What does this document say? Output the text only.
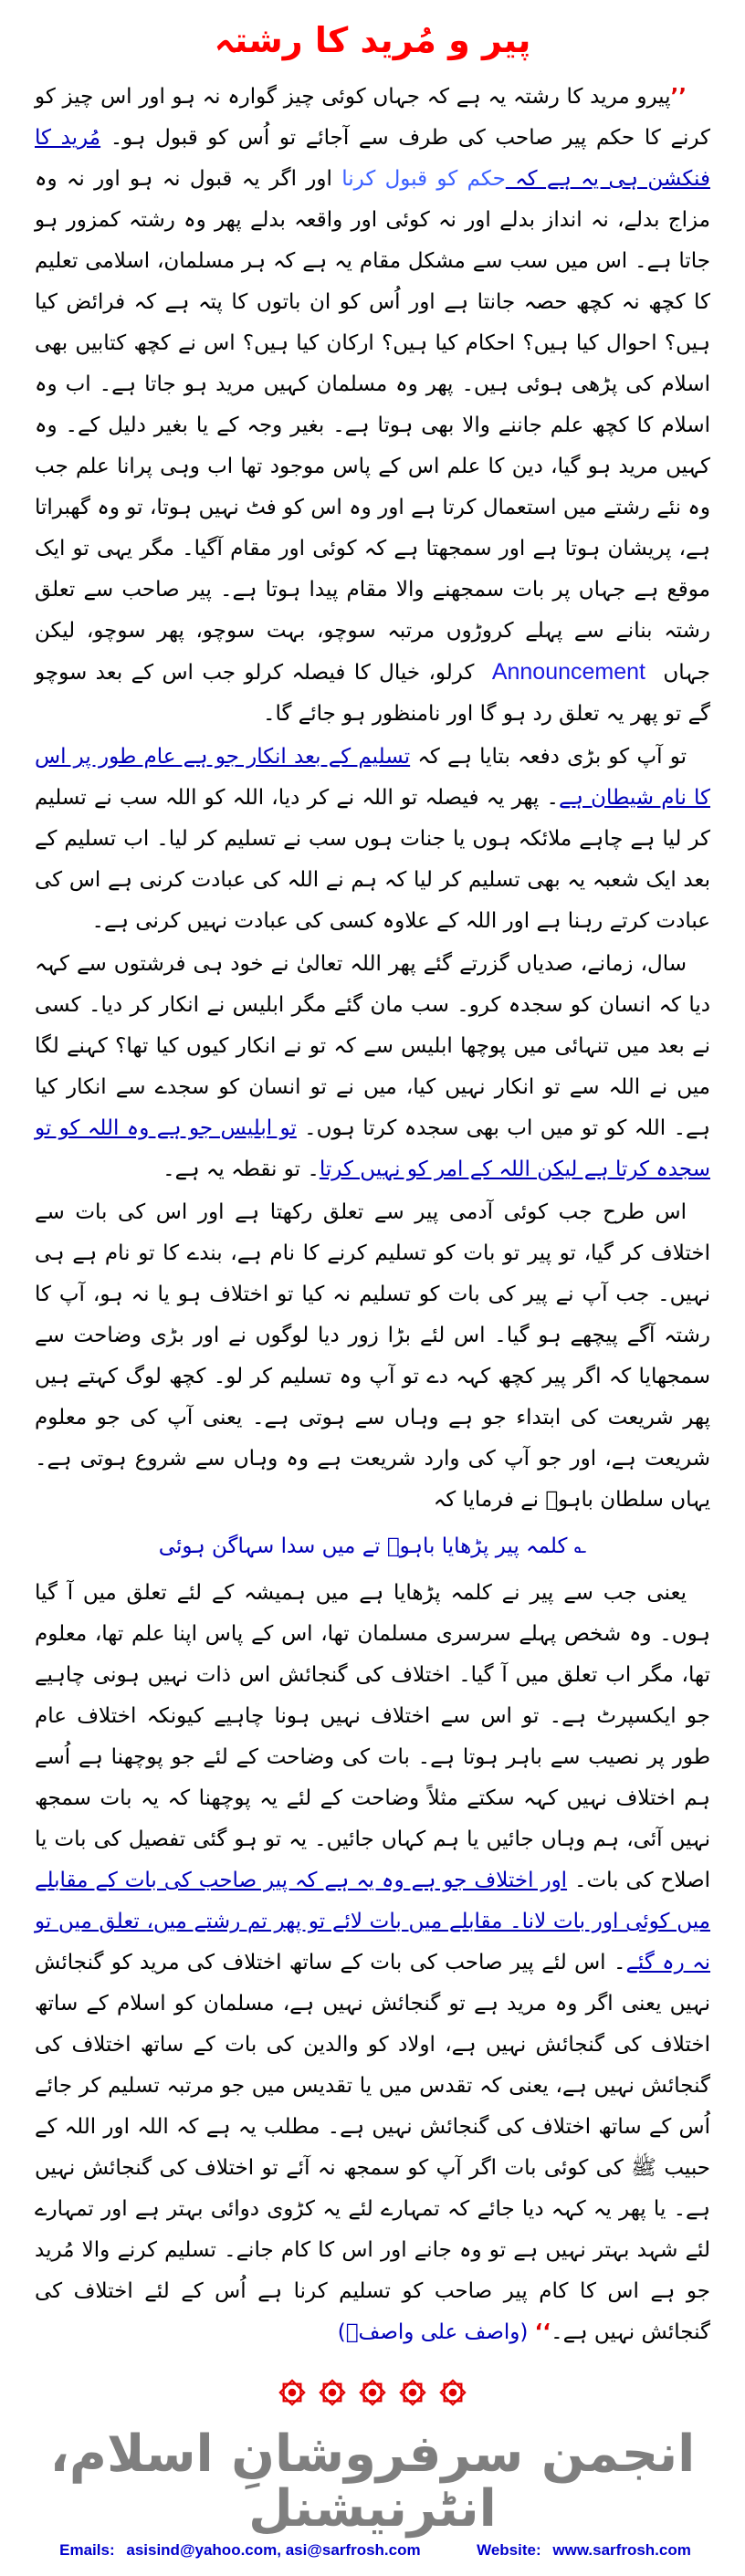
پیر و مُرید کا رشتہ

’’پیرو مرید کا رشتہ یہ ہے کہ جہاں کوئی چیز گوارہ نہ ہو اور اس چیز کو کرنے کا حکم پیر صاحب کی طرف سے آجائے تو اُس کو قبول ہو۔ مُرید کا فنکشن ہی یہ ہے کہ حکم کو قبول کرنا اور اگر یہ قبول نہ ہو اور نہ وہ مزاج بدلے، نہ انداز بدلے اور نہ کوئی اور واقعہ بدلے پھر وہ رشتہ کمزور ہو جاتا ہے۔ اس میں سب سے مشکل مقام یہ ہے کہ ہر مسلمان، اسلامی تعلیم کا کچھ نہ کچھ حصہ جانتا ہے اور اُس کو ان باتوں کا پتہ ہے کہ فرائض کیا ہیں؟ احوال کیا ہیں؟ احکام کیا ہیں؟ ارکان کیا ہیں؟ اس نے کچھ کتابیں بھی اسلام کی پڑھی ہوئی ہیں۔ پھر وہ مسلمان کہیں مرید ہو جاتا ہے۔ اب وہ اسلام کا کچھ علم جاننے والا بھی ہوتا ہے۔ بغیر وجہ کے یا بغیر دلیل کے۔ وہ کہیں مرید ہو گیا، دین کا علم اس کے پاس موجود تھا اب وہی پرانا علم جب وہ نئے رشتے میں استعمال کرتا ہے اور وہ اس کو فٹ نہیں ہوتا، تو وہ گھبراتا ہے، پریشان ہوتا ہے اور سمجھتا ہے کہ کوئی اور مقام آگیا۔ مگر یہی تو ایک موقع ہے جہاں پر بات سمجھنے والا مقام پیدا ہوتا ہے۔ پیر صاحب سے تعلق رشتہ بنانے سے پہلے کروڑوں مرتبہ سوچو، بہت سوچو، پھر سوچو، لیکن جہاں Announcement کرلو، خیال کا فیصلہ کرلو جب اس کے بعد سوچو گے تو پھر یہ تعلق رد ہو گا اور نامنظور ہو جائے گا۔

تو آپ کو بڑی دفعہ بتایا ہے کہ تسلیم کے بعد انکار جو ہے عام طور پر اس کا نام شیطان ہے۔ پھر یہ فیصلہ تو اللہ نے کر دیا، اللہ کو اللہ سب نے تسلیم کر لیا ہے چاہے ملائکہ ہوں یا جنات ہوں سب نے تسلیم کر لیا۔ اب تسلیم کے بعد ایک شعبہ یہ بھی تسلیم کر لیا کہ ہم نے اللہ کی عبادت کرنی ہے اس کی عبادت کرتے رہنا ہے اور اللہ کے علاوہ کسی کی عبادت نہیں کرنی ہے۔

سال، زمانے، صدیاں گزرتے گئے پھر اللہ تعالیٰ نے خود ہی فرشتوں سے کہہ دیا کہ انسان کو سجدہ کرو۔ سب مان گئے مگر ابلیس نے انکار کر دیا۔ کسی نے بعد میں تنہائی میں پوچھا ابلیس سے کہ تو نے انکار کیوں کیا تھا؟ کہنے لگا میں نے اللہ سے تو انکار نہیں کیا، میں نے تو انسان کو سجدے سے انکار کیا ہے۔ اللہ کو تو میں اب بھی سجدہ کرتا ہوں۔ تو ابلیس جو ہے وہ اللہ کو تو سجدہ کرتا ہے لیکن اللہ کے امر کو نہیں کرتا۔ تو نقطہ یہ ہے۔

اس طرح جب کوئی آدمی پیر سے تعلق رکھتا ہے اور اس کی بات سے اختلاف کر گیا، تو پیر تو بات کو تسلیم کرنے کا نام ہے، بندے کا تو نام ہے ہی نہیں۔ جب آپ نے پیر کی بات کو تسلیم نہ کیا تو اختلاف ہو یا نہ ہو، آپ کا رشتہ آگے پیچھے ہو گیا۔ اس لئے بڑا زور دیا لوگوں نے اور بڑی وضاحت سے سمجھایا کہ اگر پیر کچھ کہہ دے تو آپ وہ تسلیم کر لو۔ کچھ لوگ کہتے ہیں پھر شریعت کی ابتداء جو ہے وہاں سے ہوتی ہے۔ یعنی آپ کی جو معلوم شریعت ہے، اور جو آپ کی وارد شریعت ہے وہ وہاں سے شروع ہوتی ہے۔ یہاں سلطان باہوؒ نے فرمایا کہ

؎ کلمہ پیر پڑھایا باہوؒ تے میں سدا سہاگن ہوئی

یعنی جب سے پیر نے کلمہ پڑھایا ہے میں ہمیشہ کے لئے تعلق میں آ گیا ہوں۔ وہ شخص پہلے سرسری مسلمان تھا، اس کے پاس اپنا علم تھا، معلوم تھا، مگر اب تعلق میں آ گیا۔ اختلاف کی گنجائش اس ذات نہیں ہونی چاہیے جو ایکسپرٹ ہے۔ تو اس سے اختلاف نہیں ہونا چاہیے کیونکہ اختلاف عام طور پر نصیب سے باہر ہوتا ہے۔ بات کی وضاحت کے لئے جو پوچھنا ہے اُسے ہم اختلاف نہیں کہہ سکتے مثلاً وضاحت کے لئے یہ پوچھنا کہ یہ بات سمجھ نہیں آئی، ہم وہاں جائیں یا ہم کہاں جائیں۔ یہ تو ہو گئی تفصیل کی بات یا اصلاح کی بات۔ اور اختلاف جو ہے وہ یہ ہے کہ پیر صاحب کی بات کے مقابلے میں کوئی اور بات لانا۔ مقابلے میں بات لائے تو پھر تم رشتے میں، تعلق میں تو نہ رہ گئے۔ اس لئے پیر صاحب کی بات کے ساتھ اختلاف کی مرید کو گنجائش نہیں یعنی اگر وہ مرید ہے تو گنجائش نہیں ہے، مسلمان کو اسلام کے ساتھ اختلاف کی گنجائش نہیں ہے، اولاد کو والدین کی بات کے ساتھ اختلاف کی گنجائش نہیں ہے، یعنی کہ تقدس میں یا تقدیس میں جو مرتبہ تسلیم کر جائے اُس کے ساتھ اختلاف کی گنجائش نہیں ہے۔ مطلب یہ ہے کہ اللہ اور اللہ کے حبیب ﷺ کی کوئی بات اگر آپ کو سمجھ نہ آئے تو اختلاف کی گنجائش نہیں ہے۔ یا پھر یہ کہہ دیا جائے کہ تمہارے لئے یہ کڑوی دوائی بہتر ہے اور تمہارے لئے شہد بہتر نہیں ہے تو وہ جانے اور اس کا کام جانے۔ تسلیم کرنے والا مُرید جو ہے اس کا کام پیر صاحب کو تسلیم کرنا ہے اُس کے لئے اختلاف کی گنجائش نہیں ہے۔‘‘ (واصف علی واصفؒ)

انجمن سرفروشانِ اسلام، انٹرنیشنل
Emails: asisind@yahoo.com, asi@sarfrosh.com	Website: www.sarfrosh.com
